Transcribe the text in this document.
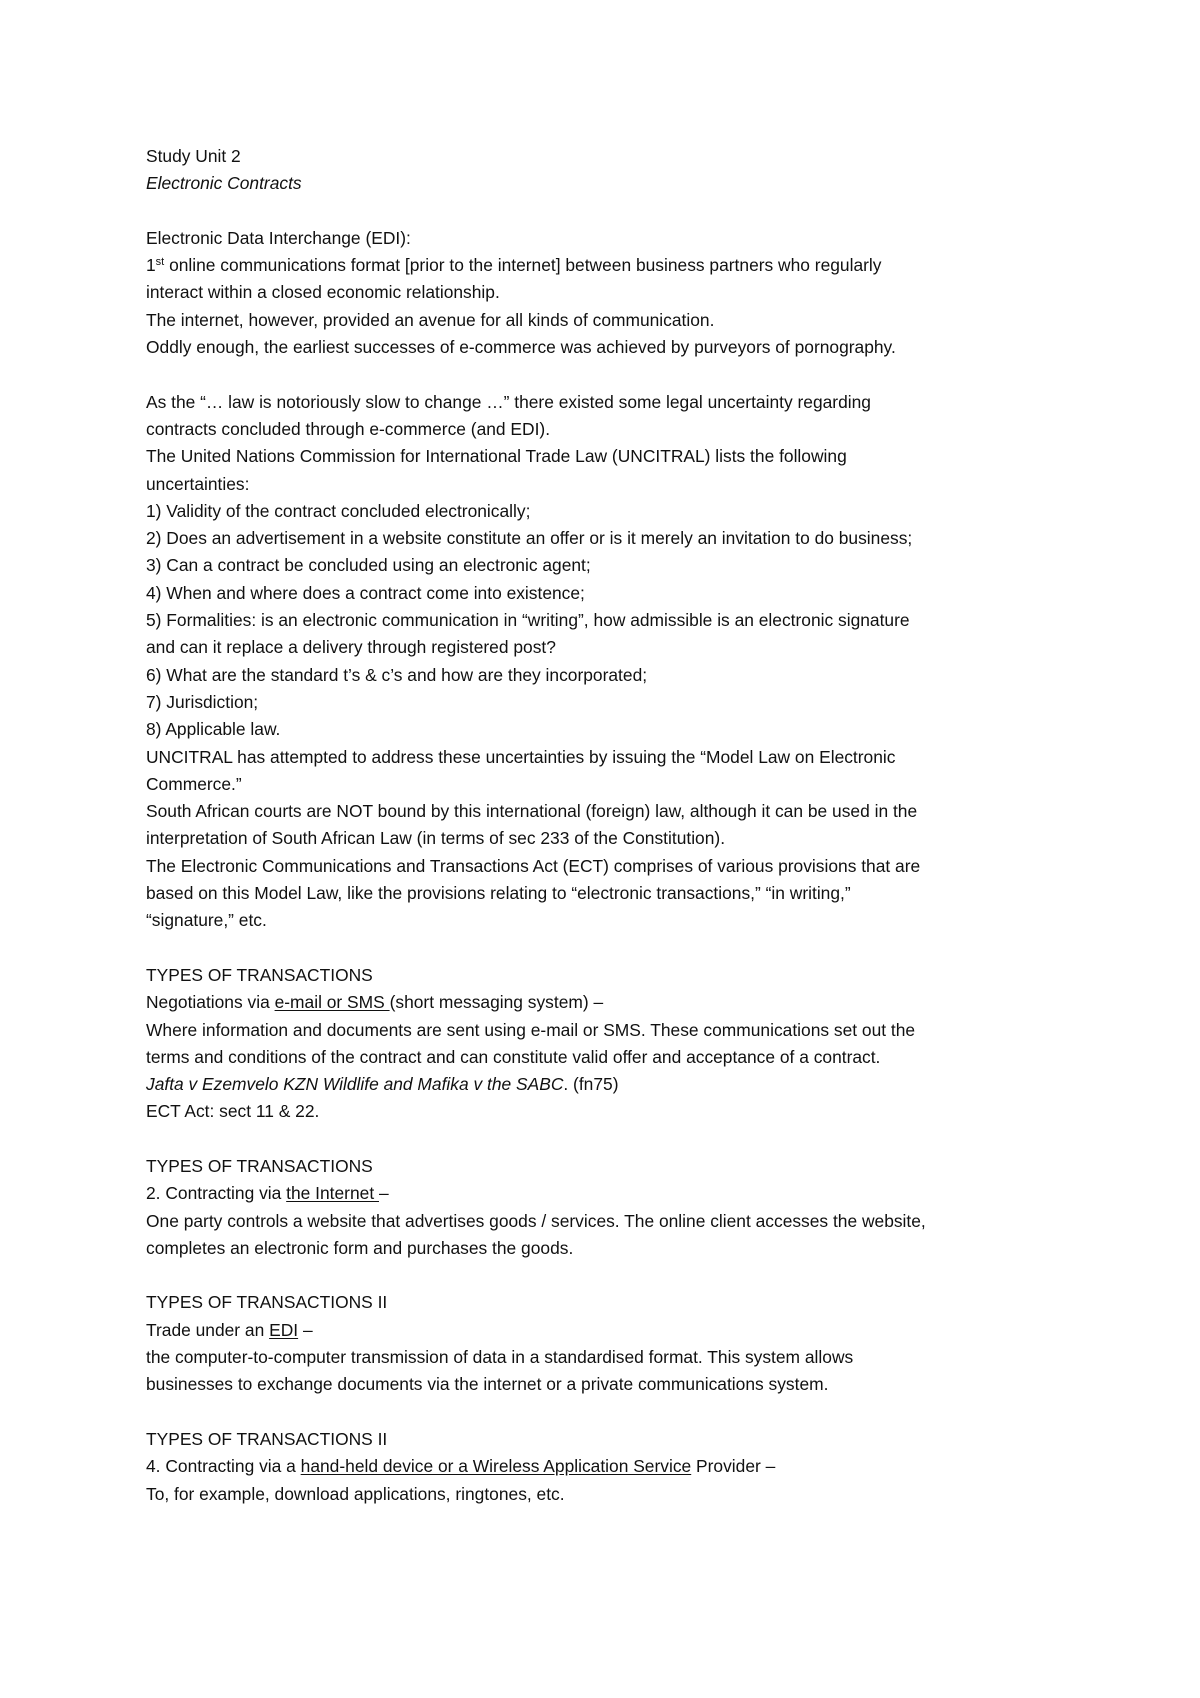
Study Unit 2
Electronic Contracts
Electronic Data Interchange (EDI):
1st online communications format [prior to the internet] between business partners who regularly
interact within a closed economic relationship.
The internet, however, provided an avenue for all kinds of communication.
Oddly enough, the earliest successes of e-commerce was achieved by purveyors of pornography.
As the “… law is notoriously slow to change …” there existed some legal uncertainty regarding
contracts concluded through e-commerce (and EDI).
The United Nations Commission for International Trade Law (UNCITRAL) lists the following
uncertainties:
1) Validity of the contract concluded electronically;
2) Does an advertisement in a website constitute an offer or is it merely an invitation to do business;
3) Can a contract be concluded using an electronic agent;
4) When and where does a contract come into existence;
5) Formalities: is an electronic communication in “writing”, how admissible is an electronic signature
and can it replace a delivery through registered post?
6) What are the standard t’s & c’s and how are they incorporated;
7) Jurisdiction;
8) Applicable law.
UNCITRAL has attempted to address these uncertainties by issuing the “Model Law on Electronic
Commerce.”
South African courts are NOT bound by this international (foreign) law, although it can be used in the
interpretation of South African Law (in terms of sec 233 of the Constitution).
The Electronic Communications and Transactions Act (ECT) comprises of various provisions that are
based on this Model Law, like the provisions relating to “electronic transactions,” “in writing,”
“signature,” etc.
TYPES OF TRANSACTIONS
Negotiations via e-mail or SMS (short messaging system) –
Where information and documents are sent using e-mail or SMS. These communications set out the
terms and conditions of the contract and can constitute valid offer and acceptance of a contract.
Jafta v Ezemvelo KZN Wildlife and Mafika v the SABC. (fn75)
ECT Act: sect 11 & 22.
TYPES OF TRANSACTIONS
2. Contracting via the Internet –
One party controls a website that advertises goods / services. The online client accesses the website,
completes an electronic form and purchases the goods.
TYPES OF TRANSACTIONS II
Trade under an EDI –
the computer-to-computer transmission of data in a standardised format. This system allows
businesses to exchange documents via the internet or a private communications system.
TYPES OF TRANSACTIONS II
4. Contracting via a hand-held device or a Wireless Application Service Provider –
To, for example, download applications, ringtones, etc.
